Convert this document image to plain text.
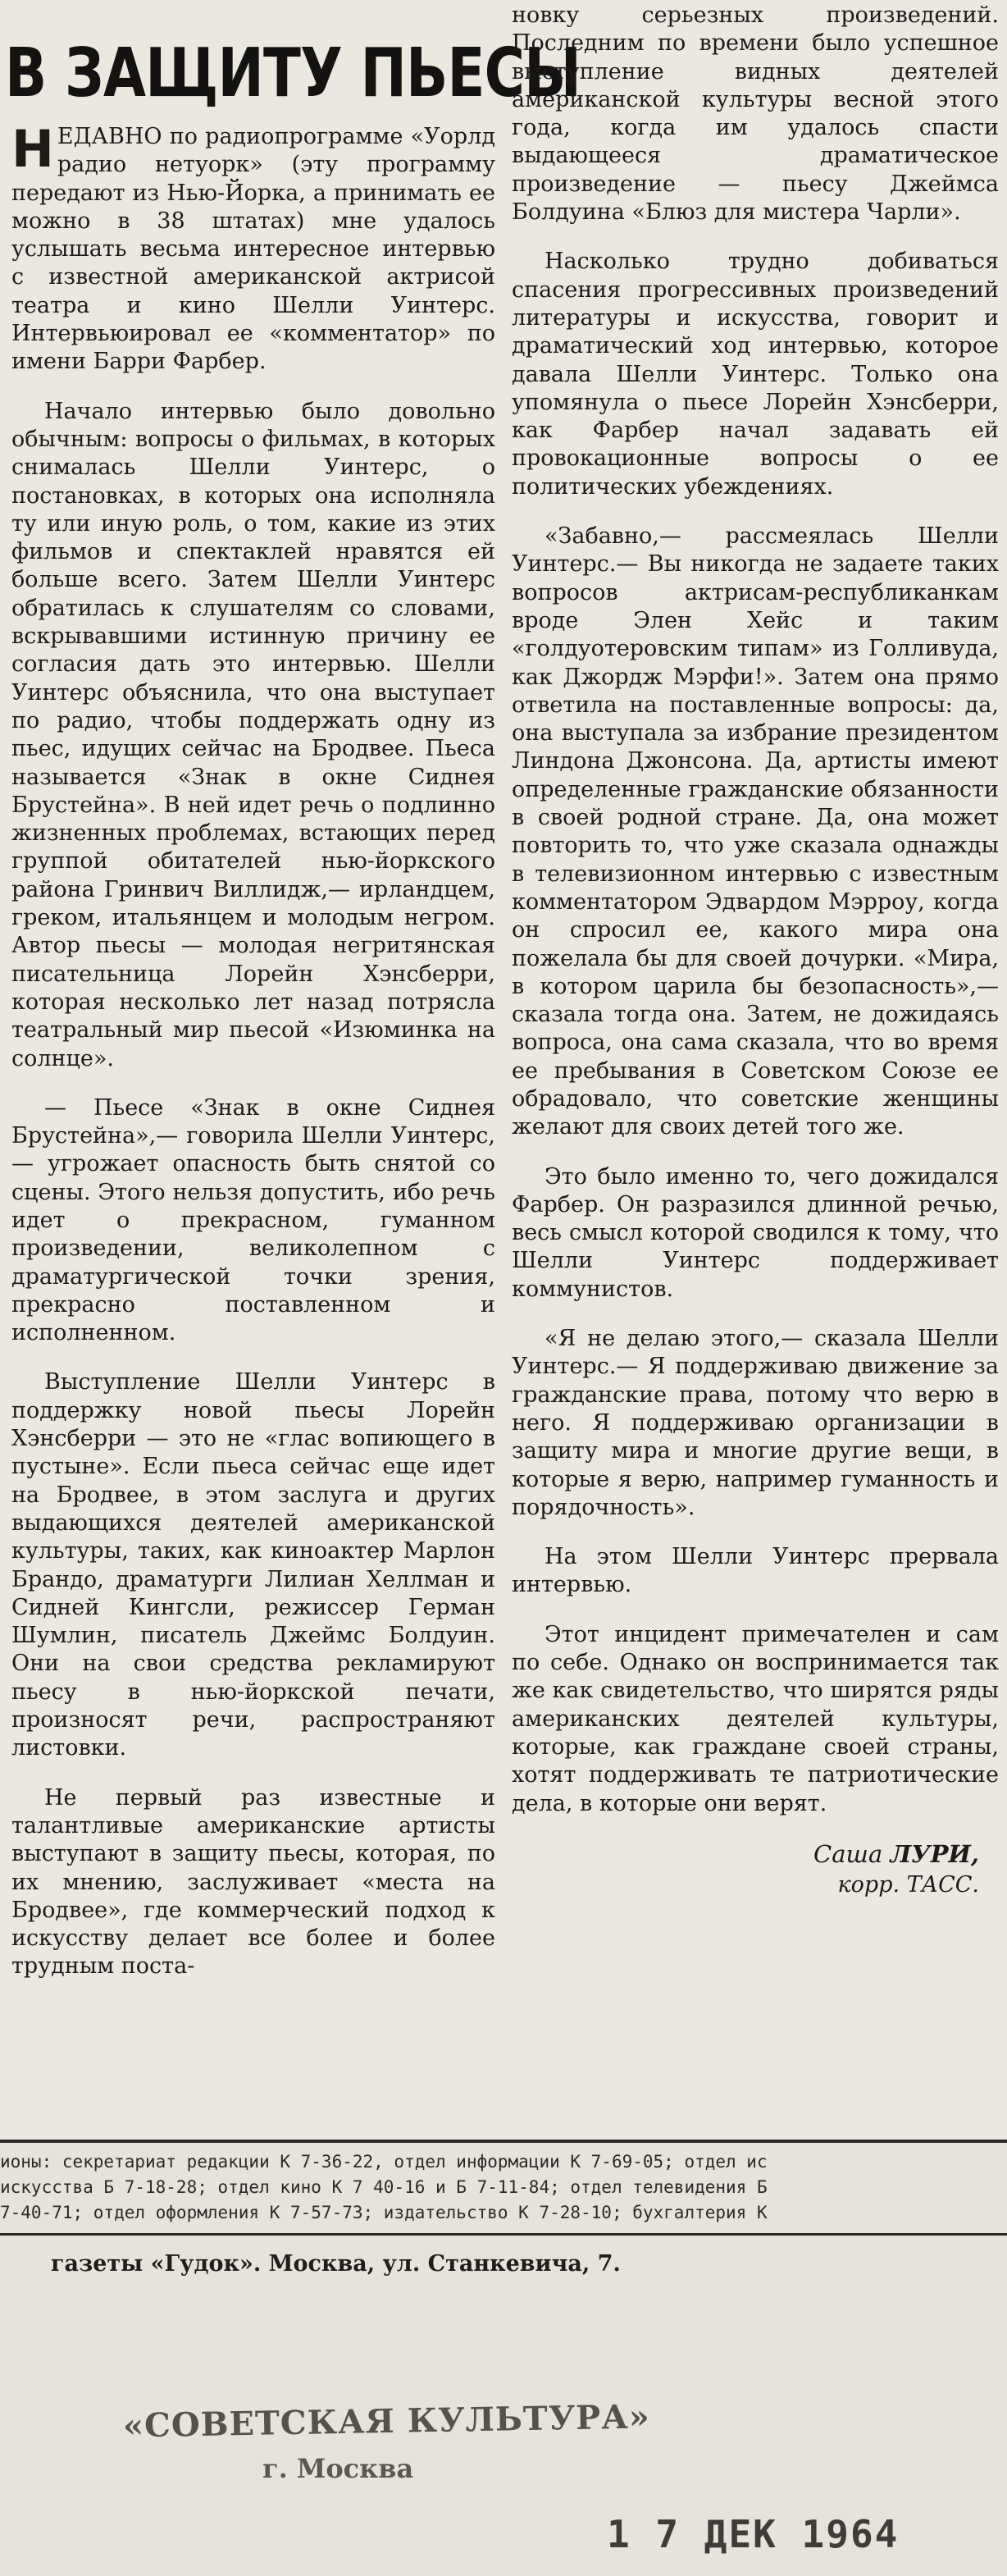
В ЗАЩИТУ ПЬЕСЫ

НЕДАВНО по радиопрограмме «Уорлд радио нетуорк» (эту программу передают из Нью-Йорка, а принимать ее можно в 38 штатах) мне удалось услышать весьма интересное интервью с известной американской актрисой театра и кино Шелли Уинтерс. Интервьюировал ее «комментатор» по имени Барри Фарбер.

Начало интервью было довольно обычным: вопросы о фильмах, в которых снималась Шелли Уинтерс, о постановках, в которых она исполняла ту или иную роль, о том, какие из этих фильмов и спектаклей нравятся ей больше всего. Затем Шелли Уинтерс обратилась к слушателям со словами, вскрывавшими истинную причину ее согласия дать это интервью. Шелли Уинтерс объяснила, что она выступает по радио, чтобы поддержать одну из пьес, идущих сейчас на Бродвее. Пьеса называется «Знак в окне Сиднея Брустейна». В ней идет речь о подлинно жизненных проблемах, встающих перед группой обитателей нью-йоркского района Гринвич Виллидж,— ирландцем, греком, итальянцем и молодым негром. Автор пьесы — молодая негритянская писательница Лорейн Хэнсберри, которая несколько лет назад потрясла театральный мир пьесой «Изюминка на солнце».

— Пьесе «Знак в окне Сиднея Брустейна»,— говорила Шелли Уинтерс,— угрожает опасность быть снятой со сцены. Этого нельзя допустить, ибо речь идет о прекрасном, гуманном произведении, великолепном с драматургической точки зрения, прекрасно поставленном и исполненном.

Выступление Шелли Уинтерс в поддержку новой пьесы Лорейн Хэнсберри — это не «глас вопиющего в пустыне». Если пьеса сейчас еще идет на Бродвее, в этом заслуга и других выдающихся деятелей американской культуры, таких, как киноактер Марлон Брандо, драматурги Лилиан Хеллман и Сидней Кингсли, режиссер Герман Шумлин, писатель Джеймс Болдуин. Они на свои средства рекламируют пьесу в нью-йоркской печати, произносят речи, распространяют листовки.

Не первый раз известные и талантливые американские артисты выступают в защиту пьесы, которая, по их мнению, заслуживает «места на Бродвее», где коммерческий подход к искусству делает все более и более трудным поста-

новку серьезных произведений. Последним по времени было успешное выступление видных деятелей американской культуры весной этого года, когда им удалось спасти выдающееся драматическое произведение — пьесу Джеймса Болдуина «Блюз для мистера Чарли».

Насколько трудно добиваться спасения прогрессивных произведений литературы и искусства, говорит и драматический ход интервью, которое давала Шелли Уинтерс. Только она упомянула о пьесе Лорейн Хэнсберри, как Фарбер начал задавать ей провокационные вопросы о ее политических убеждениях.

«Забавно,— рассмеялась Шелли Уинтерс.— Вы никогда не задаете таких вопросов актрисам-республиканкам вроде Элен Хейс и таким «голдуотеровским типам» из Голливуда, как Джордж Мэрфи!». Затем она прямо ответила на поставленные вопросы: да, она выступала за избрание президентом Линдона Джонсона. Да, артисты имеют определенные гражданские обязанности в своей родной стране. Да, она может повторить то, что уже сказала однажды в телевизионном интервью с известным комментатором Эдвардом Мэрроу, когда он спросил ее, какого мира она пожелала бы для своей дочурки. «Мира, в котором царила бы безопасность»,— сказала тогда она. Затем, не дожидаясь вопроса, она сама сказала, что во время ее пребывания в Советском Союзе ее обрадовало, что советские женщины желают для своих детей того же.

Это было именно то, чего дожидался Фарбер. Он разразился длинной речью, весь смысл которой сводился к тому, что Шелли Уинтерс поддерживает коммунистов.

«Я не делаю этого,— сказала Шелли Уинтерс.— Я поддерживаю движение за гражданские права, потому что верю в него. Я поддерживаю организации в защиту мира и многие другие вещи, в которые я верю, например гуманность и порядочность».

На этом Шелли Уинтерс прервала интервью.

Этот инцидент примечателен и сам по себе. Однако он воспринимается так же как свидетельство, что ширятся ряды американских деятелей культуры, которые, как граждане своей страны, хотят поддерживать те патриотические дела, в которые они верят.

Саша ЛУРИ,
корр. ТАСС.
ионы: секретариат редакции К 7-36-22, отдел информации К 7-69-05; отдел ис
искусства Б 7-18-28; отдел кино К 7 40-16 и Б 7-11-84; отдел телевидения Б
7-40-71; отдел оформления К 7-57-73; издательство К 7-28-10; бухгалтерия К
газеты «Гудок». Москва, ул. Станкевича, 7.
«СОВЕТСКАЯ КУЛЬТУРА»
г. Москва
1 7 ДЕК 1964
